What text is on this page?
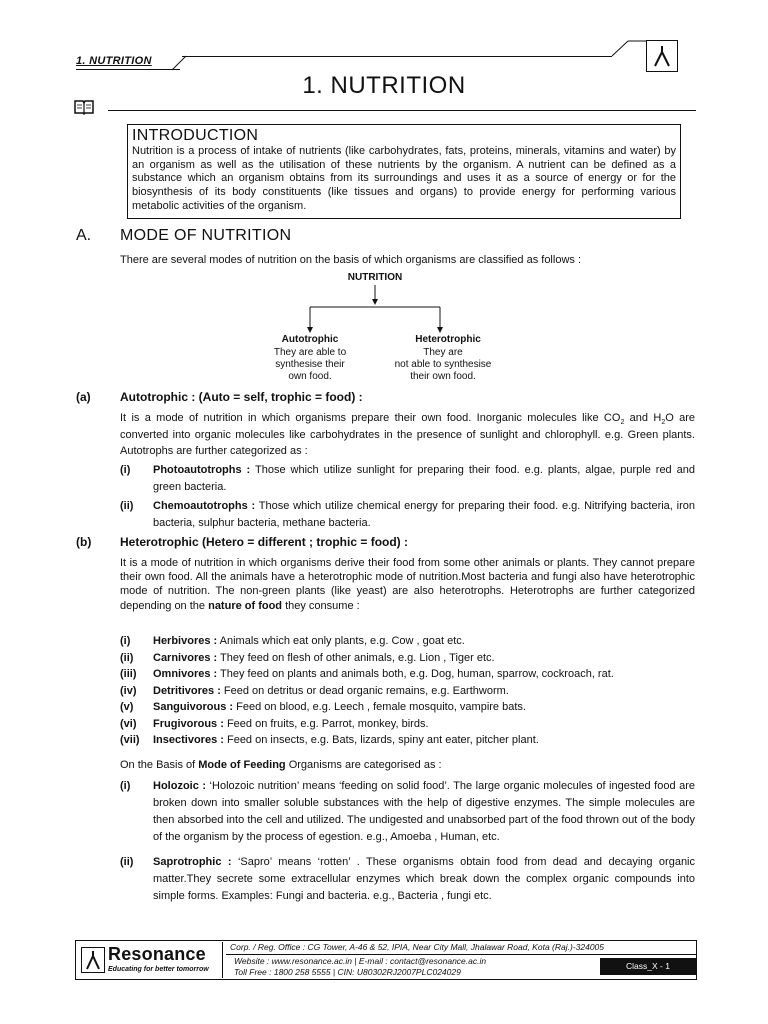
1. NUTRITION
1. NUTRITION
INTRODUCTION
Nutrition is a process of intake of nutrients (like carbohydrates, fats, proteins, minerals, vitamins and water) by an organism as well as the utilisation of these nutrients by the organism. A nutrient can be defined as a substance which an organism obtains from its surroundings and uses it as a source of energy or for the biosynthesis of its body constituents (like tissues and organs) to provide energy for performing various metabolic activities of the organism.
A. MODE OF NUTRITION
There are several modes of nutrition on the basis of which organisms are classified as follows :
NUTRITION
Autotrophic
They are able to
synthesise their
own food.
Heterotrophic
They are
not able to synthesise
their own food.
(a) Autotrophic : (Auto = self, trophic = food) :
It is a mode of nutrition in which organisms prepare their own food. Inorganic molecules like $CO_2$ and $H_2O$ are converted into organic molecules like carbohydrates in the presence of sunlight and chlorophyll. e.g. Green plants. Autotrophs are further categorized as :
(i) Photoautotrophs : Those which utilize sunlight for preparing their food. e.g. plants, algae, purple red and green bacteria.
(ii) Chemoautotrophs : Those which utilize chemical energy for preparing their food. e.g. Nitrifying bacteria, iron bacteria, sulphur bacteria, methane bacteria.
(b) Heterotrophic (Hetero = different ; trophic = food) :
It is a mode of nutrition in which organisms derive their food from some other animals or plants. They cannot prepare their own food. All the animals have a heterotrophic mode of nutrition.Most bacteria and fungi also have heterotrophic mode of nutrition. The non-green plants (like yeast) are also heterotrophs. Heterotrophs are further categorized depending on the nature of food they consume :
(i) Herbivores : Animals which eat only plants, e.g. Cow , goat etc.
(ii) Carnivores : They feed on flesh of other animals, e.g. Lion , Tiger etc.
(iii) Omnivores : They feed on plants and animals both, e.g. Dog, human, sparrow, cockroach, rat.
(iv) Detritivores : Feed on detritus or dead organic remains, e.g. Earthworm.
(v) Sanguivorous : Feed on blood, e.g. Leech , female mosquito, vampire bats.
(vi) Frugivorous : Feed on fruits, e.g. Parrot, monkey, birds.
(vii) Insectivores : Feed on insects, e.g. Bats, lizards, spiny ant eater, pitcher plant.
On the Basis of Mode of Feeding Organisms are categorised as :
(i) Holozoic : ‘Holozoic nutrition’ means ‘feeding on solid food’. The large organic molecules of ingested food are broken down into smaller soluble substances with the help of digestive enzymes. The simple molecules are then absorbed into the cell and utilized. The undigested and unabsorbed part of the food thrown out of the body of the organism by the process of egestion. e.g., Amoeba , Human, etc.
(ii) Saprotrophic : ‘Sapro’ means ‘rotten’ . These organisms obtain food from dead and decaying organic matter.They secrete some extracellular enzymes which break down the complex organic compounds into simple forms. Examples: Fungi and bacteria. e.g., Bacteria , fungi etc.
Resonance
Educating for better tomorrow
Corp. / Reg. Office : CG Tower, A-46 & 52, IPIA, Near City Mall, Jhalawar Road, Kota (Raj.)-324005
Website : www.resonance.ac.in | E-mail : contact@resonance.ac.in
Toll Free : 1800 258 5555 | CIN: U80302RJ2007PLC024029
Class_X - 1
